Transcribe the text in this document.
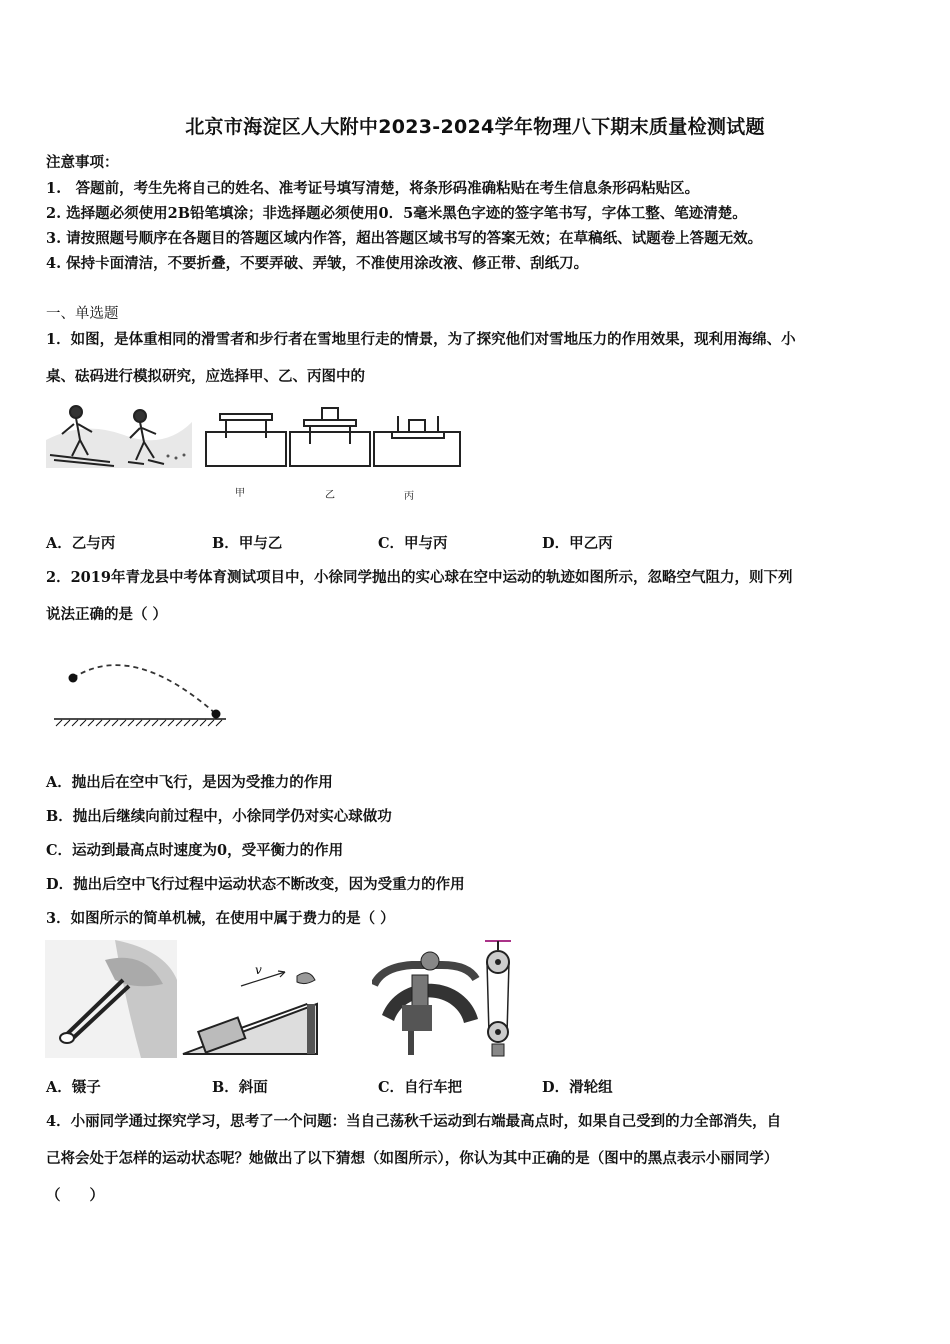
北京市海淀区人大附中2023-2024学年物理八下期末质量检测试题
注意事项：
1.　答题前，考生先将自己的姓名、准考证号填写清楚，将条形码准确粘贴在考生信息条形码粘贴区。
2. 选择题必须使用2B铅笔填涂；非选择题必须使用0．5毫米黑色字迹的签字笔书写，字体工整、笔迹清楚。
3. 请按照题号顺序在各题目的答题区域内作答，超出答题区域书写的答案无效；在草稿纸、试题卷上答题无效。
4. 保持卡面清洁，不要折叠，不要弄破、弄皱，不准使用涂改液、修正带、刮纸刀。
一、单选题
1．如图，是体重相同的滑雪者和步行者在雪地里行走的情景，为了探究他们对雪地压力的作用效果，现利用海绵、小
桌、砝码进行模拟研究，应选择甲、乙、丙图中的
甲	乙	丙
A．乙与丙	B．甲与乙	C．甲与丙	D．甲乙丙
2．2019年青龙县中考体育测试项目中，小徐同学抛出的实心球在空中运动的轨迹如图所示，忽略空气阻力，则下列
说法正确的是（ ）
A．抛出后在空中飞行，是因为受推力的作用
B．抛出后继续向前过程中，小徐同学仍对实心球做功
C．运动到最高点时速度为0，受平衡力的作用
D．抛出后空中飞行过程中运动状态不断改变，因为受重力的作用
3．如图所示的简单机械，在使用中属于费力的是（ ）
v
A．镊子	B．斜面	C．自行车把	D．滑轮组
4．小丽同学通过探究学习，思考了一个问题：当自己荡秋千运动到右端最高点时，如果自己受到的力全部消失，自
己将会处于怎样的运动状态呢？她做出了以下猜想（如图所示），你认为其中正确的是（图中的黑点表示小丽同学）
（　　）
